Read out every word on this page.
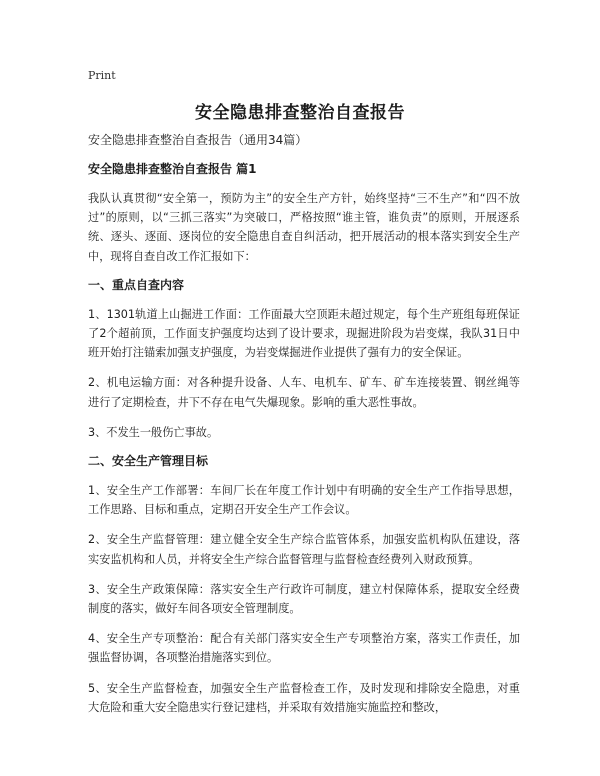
Print
安全隐患排查整治自查报告

安全隐患排查整治自查报告（通用34篇）

安全隐患排查整治自查报告 篇1

我队认真贯彻“安全第一，预防为主”的安全生产方针，始终坚持“三不生产”和“四不放过”的原则，以“三抓三落实”为突破口，严格按照“谁主管，谁负责”的原则，开展逐系统、逐头、逐面、逐岗位的安全隐患自查自纠活动，把开展活动的根本落实到安全生产中，现将自查自改工作汇报如下：

一、重点自查内容

1、1301轨道上山掘进工作面：工作面最大空顶距未超过规定，每个生产班组每班保证了2个超前顶，工作面支护强度均达到了设计要求，现掘进阶段为岩变煤，我队31日中班开始打注锚索加强支护强度，为岩变煤掘进作业提供了强有力的安全保证。

2、机电运输方面：对各种提升设备、人车、电机车、矿车、矿车连接装置、钢丝绳等进行了定期检查，井下不存在电气失爆现象。影响的重大恶性事故。

3、不发生一般伤亡事故。

二、安全生产管理目标

1、安全生产工作部署：车间厂长在年度工作计划中有明确的安全生产工作指导思想，工作思路、目标和重点，定期召开安全生产工作会议。

2、安全生产监督管理：建立健全安全生产综合监管体系，加强安监机构队伍建设，落实安监机构和人员，并将安全生产综合监督管理与监督检查经费列入财政预算。

3、安全生产政策保障：落实安全生产行政许可制度，建立村保障体系，提取安全经费制度的落实，做好车间各项安全管理制度。

4、安全生产专项整治：配合有关部门落实安全生产专项整治方案，落实工作责任，加强监督协调，各项整治措施落实到位。

5、安全生产监督检查，加强安全生产监督检查工作，及时发现和排除安全隐患，对重大危险和重大安全隐患实行登记建档，并采取有效措施实施监控和整改，
